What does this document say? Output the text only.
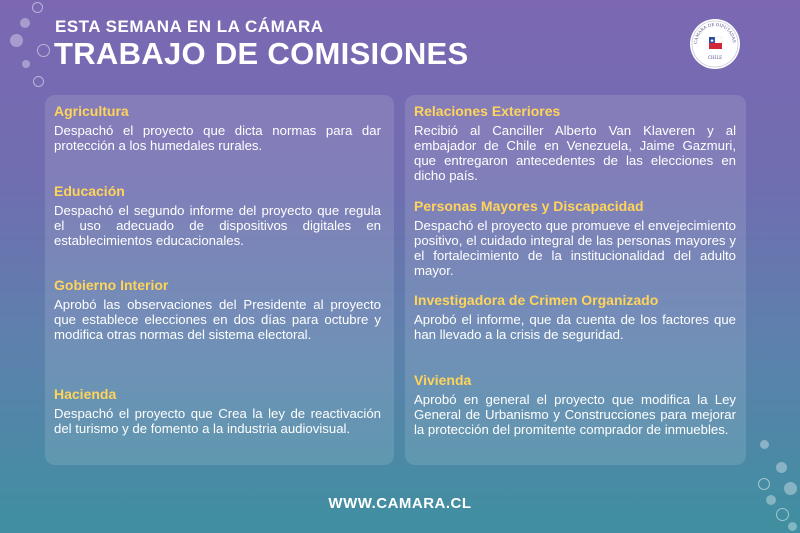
ESTA SEMANA EN LA CÁMARA
TRABAJO DE COMISIONES	CÁMARA DE DIPUTADAS
CHILE
Agricultura

Despachó el proyecto que dicta normas para dar protección a los humedales rurales.

Educación

Despachó el segundo informe del proyecto que regula el uso adecuado de dispositivos digitales en establecimientos educacionales.

Gobierno Interior

Aprobó las observaciones del Presidente al proyecto que establece elecciones en dos días para octubre y modifica otras normas del sistema electoral.

Hacienda

Despachó el proyecto que Crea la ley de reactivación del turismo y de fomento a la industria audiovisual.

Relaciones Exteriores

Recibió al Canciller Alberto Van Klaveren y al embajador de Chile en Venezuela, Jaime Gazmuri, que entregaron antecedentes de las elecciones en dicho país.

Personas Mayores y Discapacidad

Despachó el proyecto que promueve el envejecimiento positivo, el cuidado integral de las personas mayores y el fortalecimiento de la institucionalidad del adulto mayor.

Investigadora de Crimen Organizado

Aprobó el informe, que da cuenta de los factores que han llevado a la crisis de seguridad.

Vivienda

Aprobó en general el proyecto que modifica la Ley General de Urbanismo y Construcciones para mejorar la protección del promitente comprador de inmuebles.

WWW.CAMARA.CL
